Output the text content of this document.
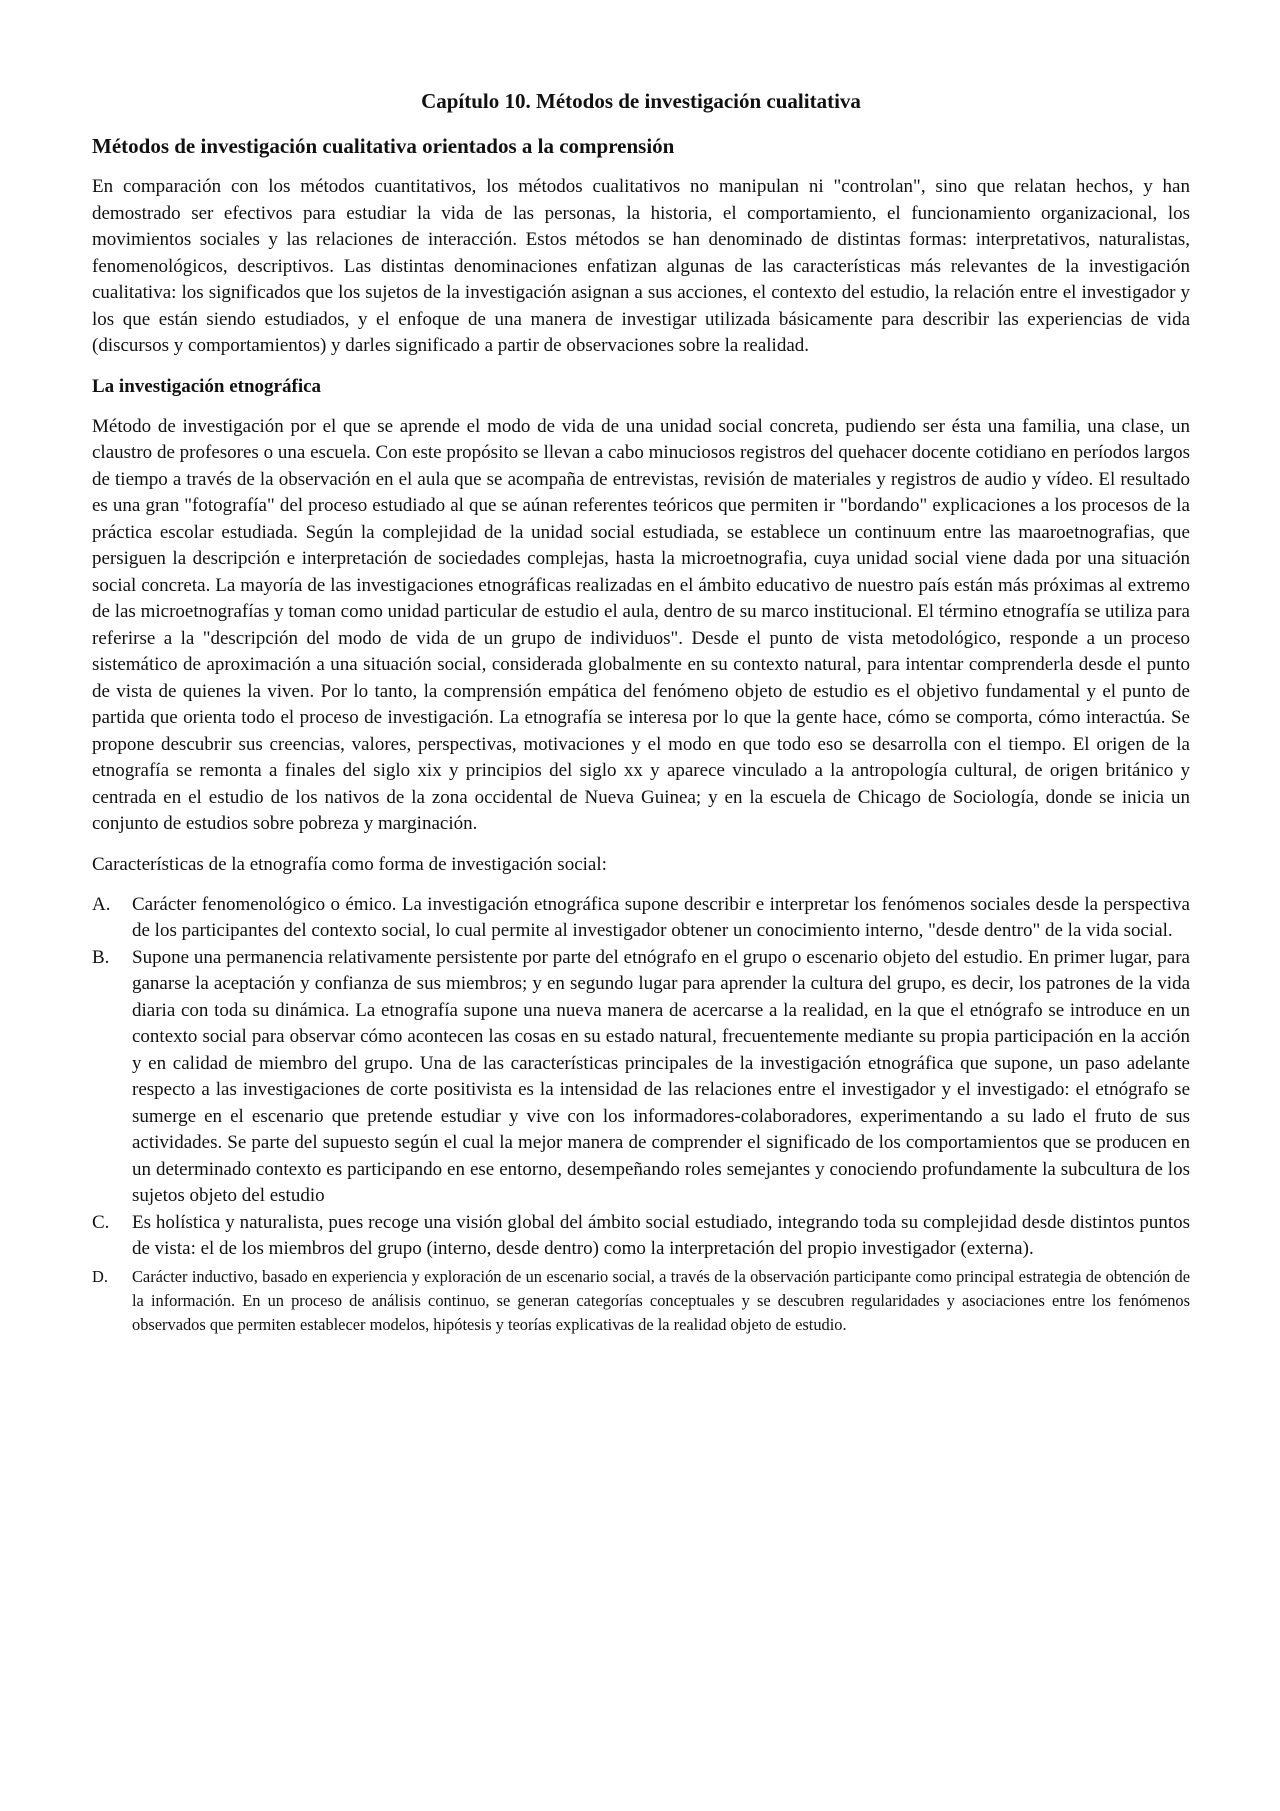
Capítulo 10. Métodos de investigación cualitativa
Métodos de investigación cualitativa orientados a la comprensión

En comparación con los métodos cuantitativos, los métodos cualitativos no manipulan ni "controlan", sino que relatan hechos, y han demostrado ser efectivos para estudiar la vida de las personas, la historia, el comportamiento, el funcionamiento organizacional, los movimientos sociales y las relaciones de interacción. Estos métodos se han denominado de distintas formas: interpretativos, naturalistas, fenomenológicos, descriptivos. Las distintas denominaciones enfatizan algunas de las características más relevantes de la investigación cualitativa: los significados que los sujetos de la investigación asignan a sus acciones, el contexto del estudio, la relación entre el investigador y los que están siendo estudiados, y el enfoque de una manera de investigar utilizada básicamente para describir las experiencias de vida (discursos y comportamientos) y darles significado a partir de observaciones sobre la realidad.

La investigación etnográfica

Método de investigación por el que se aprende el modo de vida de una unidad social concreta, pudiendo ser ésta una familia, una clase, un claustro de profesores o una escuela. Con este propósito se llevan a cabo minuciosos registros del quehacer docente cotidiano en períodos largos de tiempo a través de la observación en el aula que se acompaña de entrevistas, revisión de materiales y registros de audio y vídeo. El resultado es una gran "fotografía" del proceso estudiado al que se aúnan referentes teóricos que permiten ir "bordando" explicaciones a los procesos de la práctica escolar estudiada. Según la complejidad de la unidad social estudiada, se establece un continuum entre las maaroetnografias, que persiguen la descripción e interpretación de sociedades complejas, hasta la microetnografia, cuya unidad social viene dada por una situación social concreta. La mayoría de las investigaciones etnográficas realizadas en el ámbito educativo de nuestro país están más próximas al extremo de las microetnografías y toman como unidad particular de estudio el aula, dentro de su marco institucional. El término etnografía se utiliza para referirse a la "descripción del modo de vida de un grupo de individuos". Desde el punto de vista metodológico, responde a un proceso sistemático de aproximación a una situación social, considerada globalmente en su contexto natural, para intentar comprenderla desde el punto de vista de quienes la viven. Por lo tanto, la comprensión empática del fenómeno objeto de estudio es el objetivo fundamental y el punto de partida que orienta todo el proceso de investigación. La etnografía se interesa por lo que la gente hace, cómo se comporta, cómo interactúa. Se propone descubrir sus creencias, valores, perspectivas, motivaciones y el modo en que todo eso se desarrolla con el tiempo. El origen de la etnografía se remonta a finales del siglo xix y principios del siglo xx y aparece vinculado a la antropología cultural, de origen británico y centrada en el estudio de los nativos de la zona occidental de Nueva Guinea; y en la escuela de Chicago de Sociología, donde se inicia un conjunto de estudios sobre pobreza y marginación.

Características de la etnografía como forma de investigación social:

A.	Carácter fenomenológico o émico. La investigación etnográfica supone describir e interpretar los fenómenos sociales desde la perspectiva de los participantes del contexto social, lo cual permite al investigador obtener un conocimiento interno, "desde dentro" de la vida social.
B.	Supone una permanencia relativamente persistente por parte del etnógrafo en el grupo o escenario objeto del estudio. En primer lugar, para ganarse la aceptación y confianza de sus miembros; y en segundo lugar para aprender la cultura del grupo, es decir, los patrones de la vida diaria con toda su dinámica. La etnografía supone una nueva manera de acercarse a la realidad, en la que el etnógrafo se introduce en un contexto social para observar cómo acontecen las cosas en su estado natural, frecuentemente mediante su propia participación en la acción y en calidad de miembro del grupo. Una de las características principales de la investigación etnográfica que supone, un paso adelante respecto a las investigaciones de corte positivista es la intensidad de las relaciones entre el investigador y el investigado: el etnógrafo se sumerge en el escenario que pretende estudiar y vive con los informadores-colaboradores, experimentando a su lado el fruto de sus actividades. Se parte del supuesto según el cual la mejor manera de comprender el significado de los comportamientos que se producen en un determinado contexto es participando en ese entorno, desempeñando roles semejantes y conociendo profundamente la subcultura de los sujetos objeto del estudio
C.	Es holística y naturalista, pues recoge una visión global del ámbito social estudiado, integrando toda su complejidad desde distintos puntos de vista: el de los miembros del grupo (interno, desde dentro) como la interpretación del propio investigador (externa).
D.	Carácter inductivo, basado en experiencia y exploración de un escenario social, a través de la observación participante como principal estrategia de obtención de la información. En un proceso de análisis continuo, se generan categorías conceptuales y se descubren regularidades y asociaciones entre los fenómenos observados que permiten establecer modelos, hipótesis y teorías explicativas de la realidad objeto de estudio.
